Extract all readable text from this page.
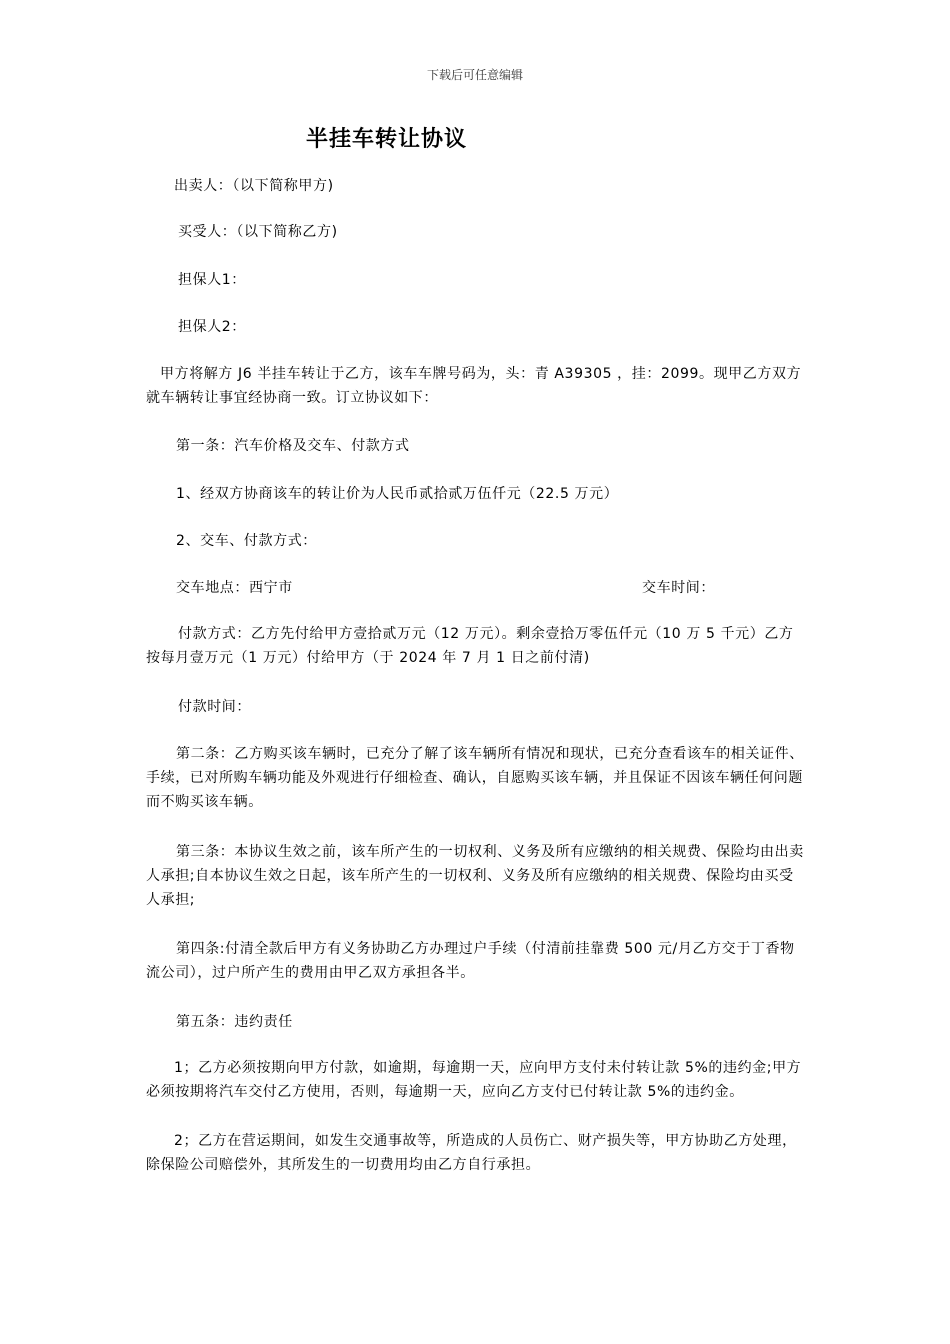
下载后可任意编辑
半挂车转让协议

出卖人：（以下简称甲方)

买受人：（以下简称乙方)

担保人1：

担保人2：

甲方将解方 J6 半挂车转让于乙方，该车车牌号码为，头：青 A39305 ，挂：2099。现甲乙方双方就车辆转让事宜经协商一致。订立协议如下：

第一条：汽车价格及交车、付款方式

1、经双方协商该车的转让价为人民币贰拾贰万伍仟元（22.5 万元）

2、交车、付款方式：

交车地点：西宁市	交车时间：

付款方式：乙方先付给甲方壹拾贰万元（12 万元）。剩余壹拾万零伍仟元（10 万 5 千元）乙方按每月壹万元（1 万元）付给甲方（于 2024 年 7 月 1 日之前付清)

付款时间：

第二条：乙方购买该车辆时，已充分了解了该车辆所有情况和现状，已充分查看该车的相关证件、手续，已对所购车辆功能及外观进行仔细检查、确认，自愿购买该车辆，并且保证不因该车辆任何问题而不购买该车辆。

第三条：本协议生效之前，该车所产生的一切权利、义务及所有应缴纳的相关规费、保险均由出卖人承担;自本协议生效之日起，该车所产生的一切权利、义务及所有应缴纳的相关规费、保险均由买受人承担;

第四条:付清全款后甲方有义务协助乙方办理过户手续（付清前挂靠费 500 元/月乙方交于丁香物流公司），过户所产生的费用由甲乙双方承担各半。

第五条：违约责任

1；乙方必须按期向甲方付款，如逾期，每逾期一天，应向甲方支付未付转让款 5%的违约金;甲方必须按期将汽车交付乙方使用，否则，每逾期一天，应向乙方支付已付转让款 5%的违约金。

2；乙方在营运期间，如发生交通事故等，所造成的人员伤亡、财产损失等，甲方协助乙方处理，除保险公司赔偿外，其所发生的一切费用均由乙方自行承担。
